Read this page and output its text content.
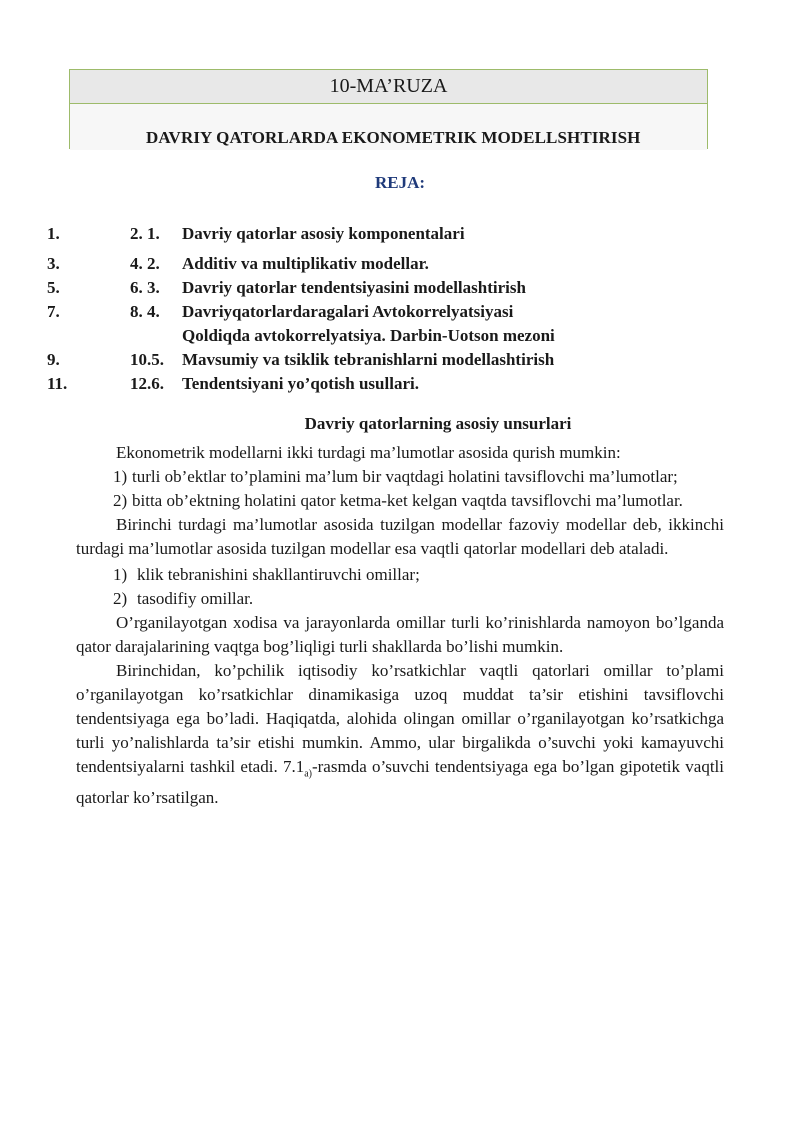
10-MA’RUZA
DAVRIY QATORLARDA EKONOMETRIK MODELLSHTIRISH
REJA:
1.	2. 1. Davriy qatorlar asosiy komponentalari
3.	4. 2. Additiv va multiplikativ modellar.
5.	6. 3. Davriy qatorlar tendentsiyasini modellashtirish
7.	8. 4. Davriyqatorlardaragalari Avtokorrelyatsiyasi
Qoldiqda avtokorrelyatsiya. Darbin-Uotson mezoni
9.	10.5. Mavsumiy va tsiklik tebranishlarni modellashtirish
11.	12.6. Tendentsiyani yo’qotish usullari.
Davriy qatorlarning asosiy unsurlari

Ekonometrik modellarni ikki turdagi ma’lumotlar asosida qurish mumkin:

1) turli ob’ektlar to’plamini ma’lum bir vaqtdagi holatini tavsiflovchi ma’lumotlar;

2) bitta ob’ektning holatini qator ketma-ket kelgan vaqtda tavsiflovchi ma’lumotlar.

Birinchi turdagi ma’lumotlar asosida tuzilgan modellar fazoviy modellar deb, ikkinchi turdagi ma’lumotlar asosida tuzilgan modellar esa vaqtli qatorlar modellari deb ataladi.

1) klik tebranishini shakllantiruvchi omillar;

2) tasodifiy omillar.

O’rganilayotgan xodisa va jarayonlarda omillar turli ko’rinishlarda namoyon bo’lganda qator darajalarining vaqtga bog’liqligi turli shakllarda bo’lishi mumkin.

Birinchidan, ko’pchilik iqtisodiy ko’rsatkichlar vaqtli qatorlari omillar to’plami o’rganilayotgan ko’rsatkichlar dinamikasiga uzoq muddat ta’sir etishini tavsiflovchi tendentsiyaga ega bo’ladi. Haqiqatda, alohida olingan omillar o’rganilayotgan ko’rsatkichga turli yo’nalishlarda ta’sir etishi mumkin. Ammo, ular birgalikda o’suvchi yoki kamayuvchi tendentsiyalarni tashkil etadi. $7.1_{a)}$-rasmda o’suvchi tendentsiyaga ega bo’lgan gipotetik vaqtli qatorlar ko’rsatilgan.
